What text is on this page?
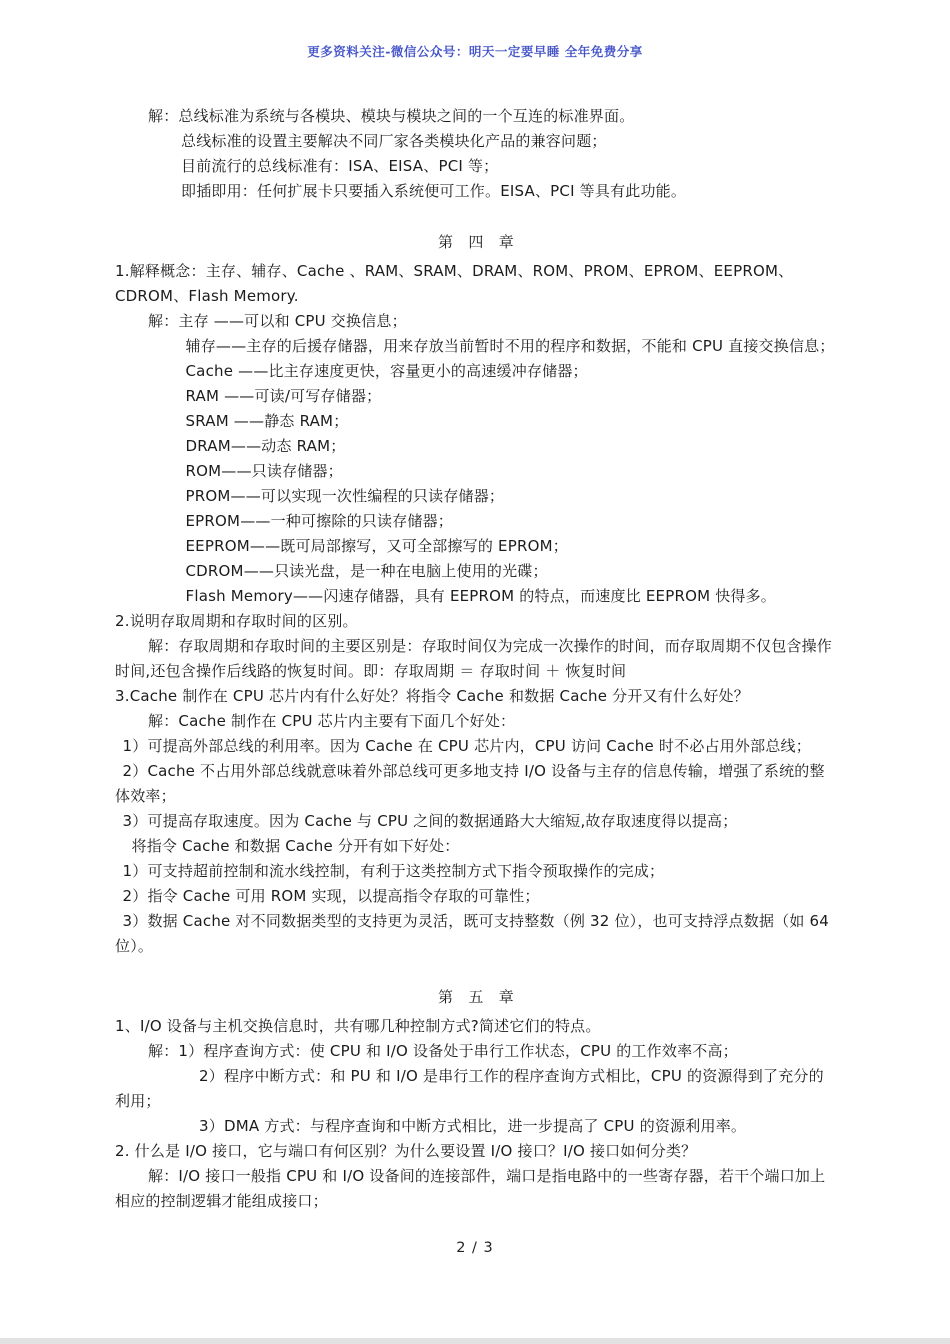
更多资料关注-微信公众号：明天一定要早睡 全年免费分享
解：总线标准为系统与各模块、模块与模块之间的一个互连的标准界面。
总线标准的设置主要解决不同厂家各类模块化产品的兼容问题；
目前流行的总线标准有：ISA、EISA、PCI 等；
即插即用：任何扩展卡只要插入系统便可工作。EISA、PCI 等具有此功能。
第　四　章
1.解释概念：主存、辅存、Cache 、RAM、SRAM、DRAM、ROM、PROM、EPROM、EEPROM、CDROM、Flash Memory.
解：主存 ——可以和 CPU 交换信息；
辅存——主存的后援存储器，用来存放当前暂时不用的程序和数据，不能和 CPU 直接交换信息；
Cache ——比主存速度更快，容量更小的高速缓冲存储器；
RAM ——可读/可写存储器；
SRAM ——静态 RAM；
DRAM——动态 RAM；
ROM——只读存储器；
PROM——可以实现一次性编程的只读存储器；
EPROM——一种可擦除的只读存储器；
EEPROM——既可局部擦写，又可全部擦写的 EPROM；
CDROM——只读光盘，是一种在电脑上使用的光碟；
Flash Memory——闪速存储器，具有 EEPROM 的特点，而速度比 EEPROM 快得多。
2.说明存取周期和存取时间的区别。
解：存取周期和存取时间的主要区别是：存取时间仅为完成一次操作的时间，而存取周期不仅包含操作时间,还包含操作后线路的恢复时间。即：存取周期 ＝ 存取时间 ＋ 恢复时间
3.Cache 制作在 CPU 芯片内有什么好处？将指令 Cache 和数据 Cache 分开又有什么好处？
解：Cache 制作在 CPU 芯片内主要有下面几个好处：
1）可提高外部总线的利用率。因为 Cache 在 CPU 芯片内，CPU 访问 Cache 时不必占用外部总线；
2）Cache 不占用外部总线就意味着外部总线可更多地支持 I/O 设备与主存的信息传输，增强了系统的整体效率；
3）可提高存取速度。因为 Cache 与 CPU 之间的数据通路大大缩短,故存取速度得以提高；
将指令 Cache 和数据 Cache 分开有如下好处：
1）可支持超前控制和流水线控制，有利于这类控制方式下指令预取操作的完成；
2）指令 Cache 可用 ROM 实现，以提高指令存取的可靠性；
3）数据 Cache 对不同数据类型的支持更为灵活，既可支持整数（例 32 位），也可支持浮点数据（如 64 位）。
第　五　章
1、I/O 设备与主机交换信息时，共有哪几种控制方式?简述它们的特点。
解：1）程序查询方式：使 CPU 和 I/O 设备处于串行工作状态，CPU 的工作效率不高；
2）程序中断方式：和 PU 和 I/O 是串行工作的程序查询方式相比，CPU 的资源得到了充分的利用；
3）DMA 方式：与程序查询和中断方式相比，进一步提高了 CPU 的资源利用率。
2. 什么是 I/O 接口，它与端口有何区别？为什么要设置 I/O 接口？I/O 接口如何分类？
解：I/O 接口一般指 CPU 和 I/O 设备间的连接部件，端口是指电路中的一些寄存器，若干个端口加上相应的控制逻辑才能组成接口；
2 / 3
